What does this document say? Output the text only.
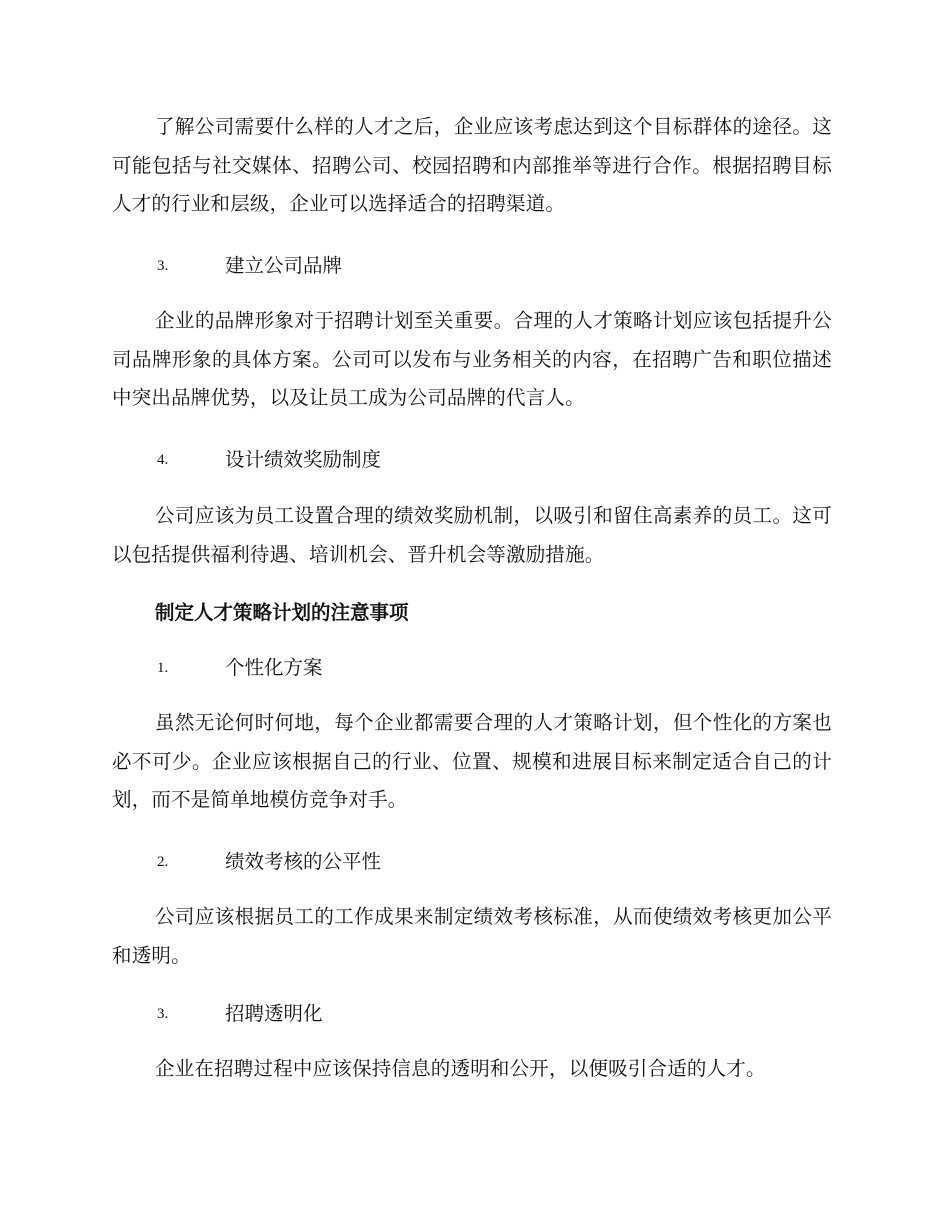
了解公司需要什么样的人才之后，企业应该考虑达到这个目标群体的途径。这可能包括与社交媒体、招聘公司、校园招聘和内部推举等进行合作。根据招聘目标人才的行业和层级，企业可以选择适合的招聘渠道。

3.	建立公司品牌

企业的品牌形象对于招聘计划至关重要。合理的人才策略计划应该包括提升公司品牌形象的具体方案。公司可以发布与业务相关的内容，在招聘广告和职位描述中突出品牌优势，以及让员工成为公司品牌的代言人。

4.	设计绩效奖励制度

公司应该为员工设置合理的绩效奖励机制，以吸引和留住高素养的员工。这可以包括提供福利待遇、培训机会、晋升机会等激励措施。

制定人才策略计划的注意事项
1.	个性化方案

虽然无论何时何地，每个企业都需要合理的人才策略计划，但个性化的方案也必不可少。企业应该根据自己的行业、位置、规模和进展目标来制定适合自己的计划，而不是简单地模仿竞争对手。

2.	绩效考核的公平性

公司应该根据员工的工作成果来制定绩效考核标准，从而使绩效考核更加公平和透明。

3.	招聘透明化

企业在招聘过程中应该保持信息的透明和公开，以便吸引合适的人才。
